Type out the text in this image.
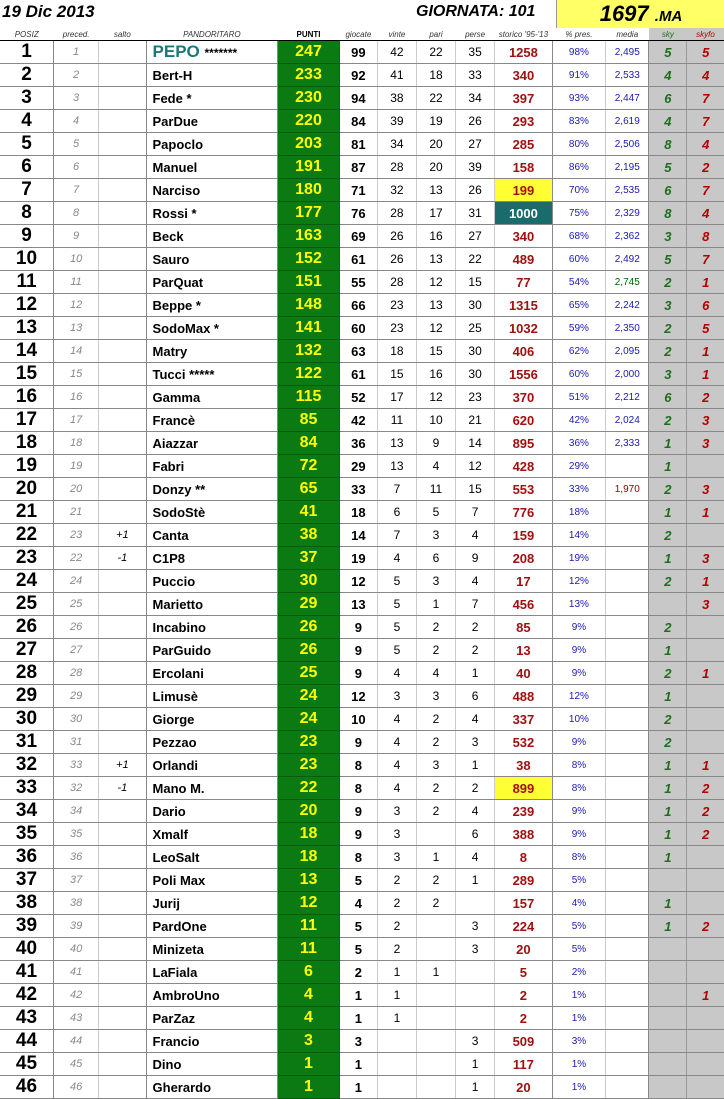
19 Dic 2013	GIORNATA: 101	1697 .MA
POSIZ	preced.	salto	PANDORITARO	PUNTI	giocate	vinte	pari	perse	storico '95-'13	% pres.	media	sky	skyfo
1	1		PEPO *******	247	99	42	22	35	1258	98%	2,495	5	5
2	2		Bert-H	233	92	41	18	33	340	91%	2,533	4	4
3	3		Fede *	230	94	38	22	34	397	93%	2,447	6	7
4	4		ParDue	220	84	39	19	26	293	83%	2,619	4	7
5	5		Papoclo	203	81	34	20	27	285	80%	2,506	8	4
6	6		Manuel	191	87	28	20	39	158	86%	2,195	5	2
7	7		Narciso	180	71	32	13	26	199	70%	2,535	6	7
8	8		Rossi *	177	76	28	17	31	1000	75%	2,329	8	4
9	9		Beck	163	69	26	16	27	340	68%	2,362	3	8
10	10		Sauro	152	61	26	13	22	489	60%	2,492	5	7
11	11		ParQuat	151	55	28	12	15	77	54%	2,745	2	1
12	12		Beppe *	148	66	23	13	30	1315	65%	2,242	3	6
13	13		SodoMax *	141	60	23	12	25	1032	59%	2,350	2	5
14	14		Matry	132	63	18	15	30	406	62%	2,095	2	1
15	15		Tucci *****	122	61	15	16	30	1556	60%	2,000	3	1
16	16		Gamma	115	52	17	12	23	370	51%	2,212	6	2
17	17		Francè	85	42	11	10	21	620	42%	2,024	2	3
18	18		Aiazzar	84	36	13	9	14	895	36%	2,333	1	3
19	19		Fabri	72	29	13	4	12	428	29%		1	
20	20		Donzy **	65	33	7	11	15	553	33%	1,970	2	3
21	21		SodoStè	41	18	6	5	7	776	18%		1	1
22	23	+1	Canta	38	14	7	3	4	159	14%		2	
23	22	-1	C1P8	37	19	4	6	9	208	19%		1	3
24	24		Puccio	30	12	5	3	4	17	12%		2	1
25	25		Marietto	29	13	5	1	7	456	13%			3
26	26		Incabino	26	9	5	2	2	85	9%		2	
27	27		ParGuido	26	9	5	2	2	13	9%		1	
28	28		Ercolani	25	9	4	4	1	40	9%		2	1
29	29		Limusè	24	12	3	3	6	488	12%		1	
30	30		Giorge	24	10	4	2	4	337	10%		2	
31	31		Pezzao	23	9	4	2	3	532	9%		2	
32	33	+1	Orlandi	23	8	4	3	1	38	8%		1	1
33	32	-1	Mano M.	22	8	4	2	2	899	8%		1	2
34	34		Dario	20	9	3	2	4	239	9%		1	2
35	35		Xmalf	18	9	3		6	388	9%		1	2
36	36		LeoSalt	18	8	3	1	4	8	8%		1	
37	37		Poli Max	13	5	2	2	1	289	5%			
38	38		Jurij	12	4	2	2		157	4%		1	
39	39		PardOne	11	5	2		3	224	5%		1	2
40	40		Minizeta	11	5	2		3	20	5%			
41	41		LaFiala	6	2	1	1		5	2%			
42	42		AmbroUno	4	1	1			2	1%			1
43	43		ParZaz	4	1	1			2	1%			
44	44		Francio	3	3			3	509	3%			
45	45		Dino	1	1			1	117	1%			
46	46		Gherardo	1	1			1	20	1%			
